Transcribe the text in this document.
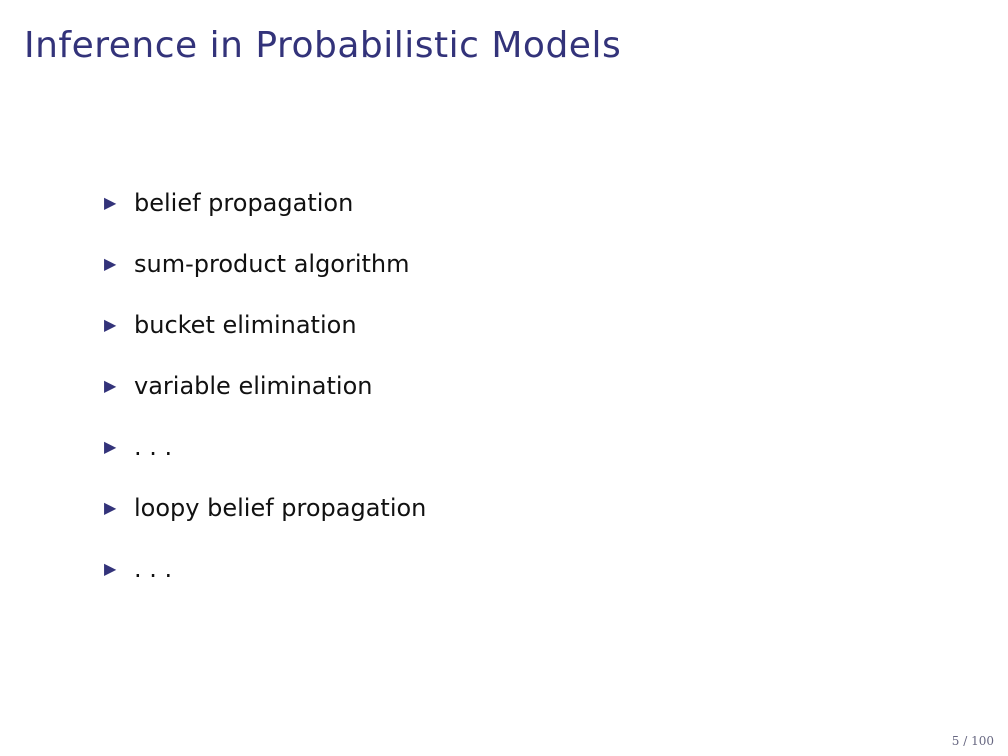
Inference in Probabilistic Models
▶ belief propagation
▶ sum-product algorithm
▶ bucket elimination
▶ variable elimination
▶ . . .
▶ loopy belief propagation
▶ . . .
5 / 100
